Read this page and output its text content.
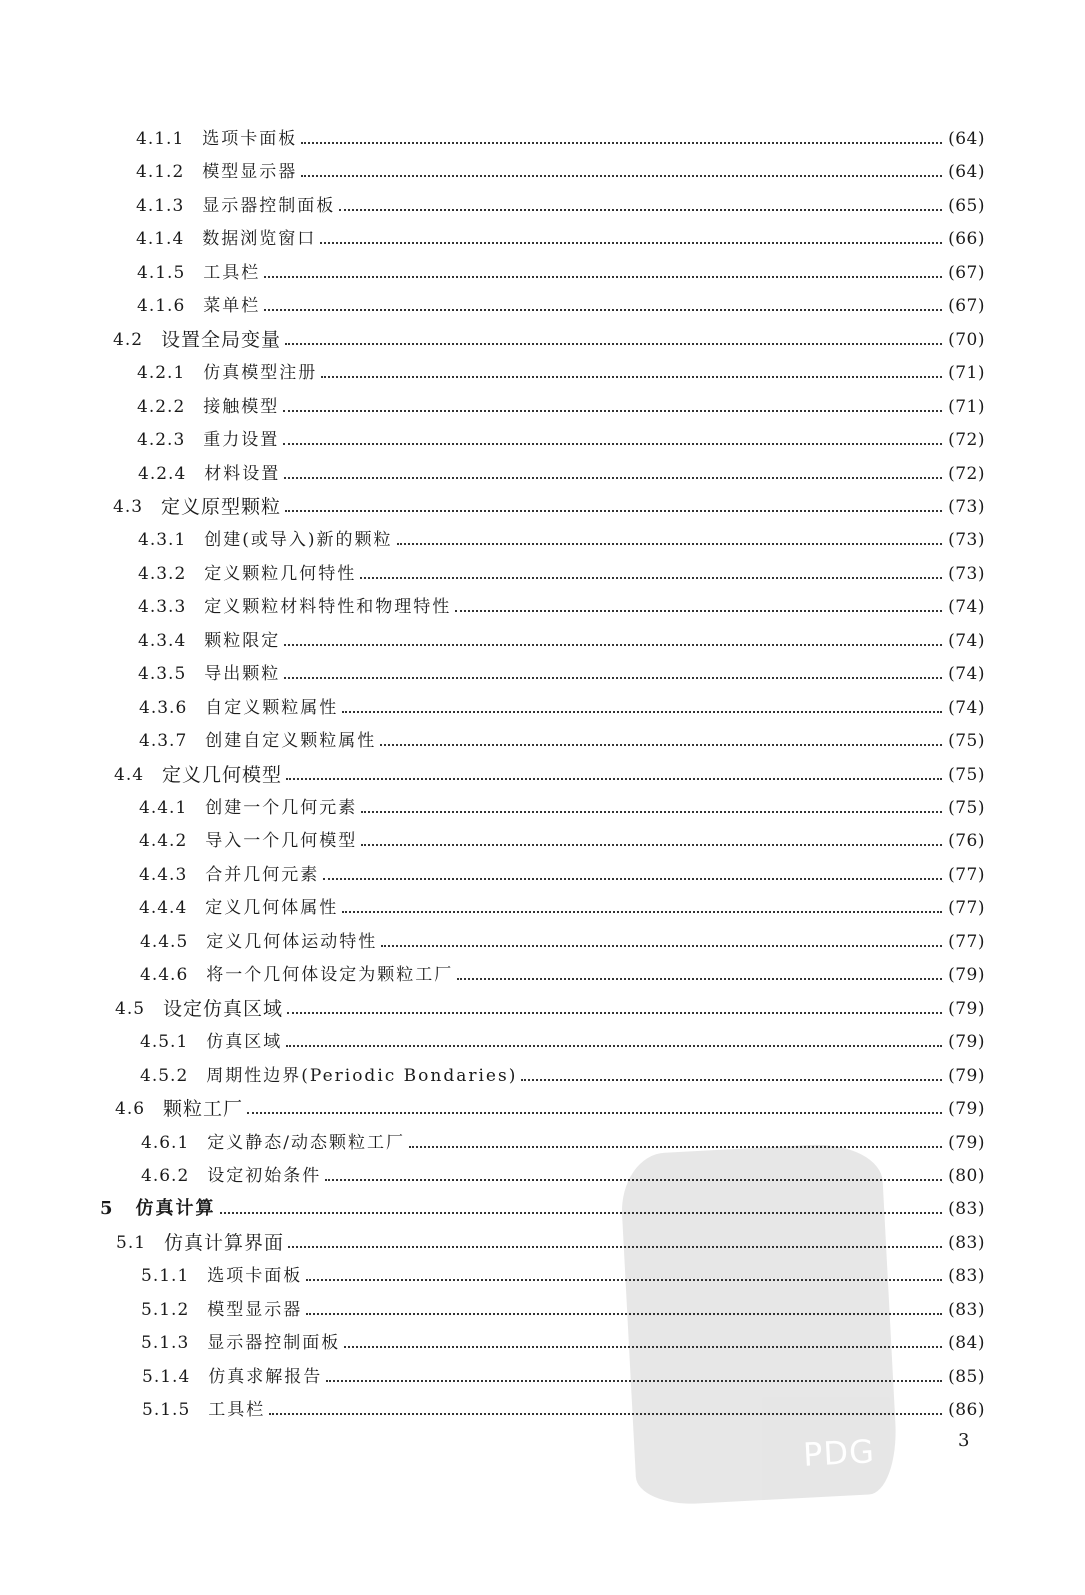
PDG
4.1.1 选项卡面板	(64)
4.1.2 模型显示器	(64)
4.1.3 显示器控制面板	(65)
4.1.4 数据浏览窗口	(66)
4.1.5 工具栏	(67)
4.1.6 菜单栏	(67)
4.2 设置全局变量	(70)
4.2.1 仿真模型注册	(71)
4.2.2 接触模型	(71)
4.2.3 重力设置	(72)
4.2.4 材料设置	(72)
4.3 定义原型颗粒	(73)
4.3.1 创建(或导入)新的颗粒	(73)
4.3.2 定义颗粒几何特性	(73)
4.3.3 定义颗粒材料特性和物理特性	(74)
4.3.4 颗粒限定	(74)
4.3.5 导出颗粒	(74)
4.3.6 自定义颗粒属性	(74)
4.3.7 创建自定义颗粒属性	(75)
4.4 定义几何模型	(75)
4.4.1 创建一个几何元素	(75)
4.4.2 导入一个几何模型	(76)
4.4.3 合并几何元素	(77)
4.4.4 定义几何体属性	(77)
4.4.5 定义几何体运动特性	(77)
4.4.6 将一个几何体设定为颗粒工厂	(79)
4.5 设定仿真区域	(79)
4.5.1 仿真区域	(79)
4.5.2 周期性边界(Periodic Bondaries)	(79)
4.6 颗粒工厂	(79)
4.6.1 定义静态/动态颗粒工厂	(79)
4.6.2 设定初始条件	(80)
5 仿真计算	(83)
5.1 仿真计算界面	(83)
5.1.1 选项卡面板	(83)
5.1.2 模型显示器	(83)
5.1.3 显示器控制面板	(84)
5.1.4 仿真求解报告	(85)
5.1.5 工具栏	(86)
3
